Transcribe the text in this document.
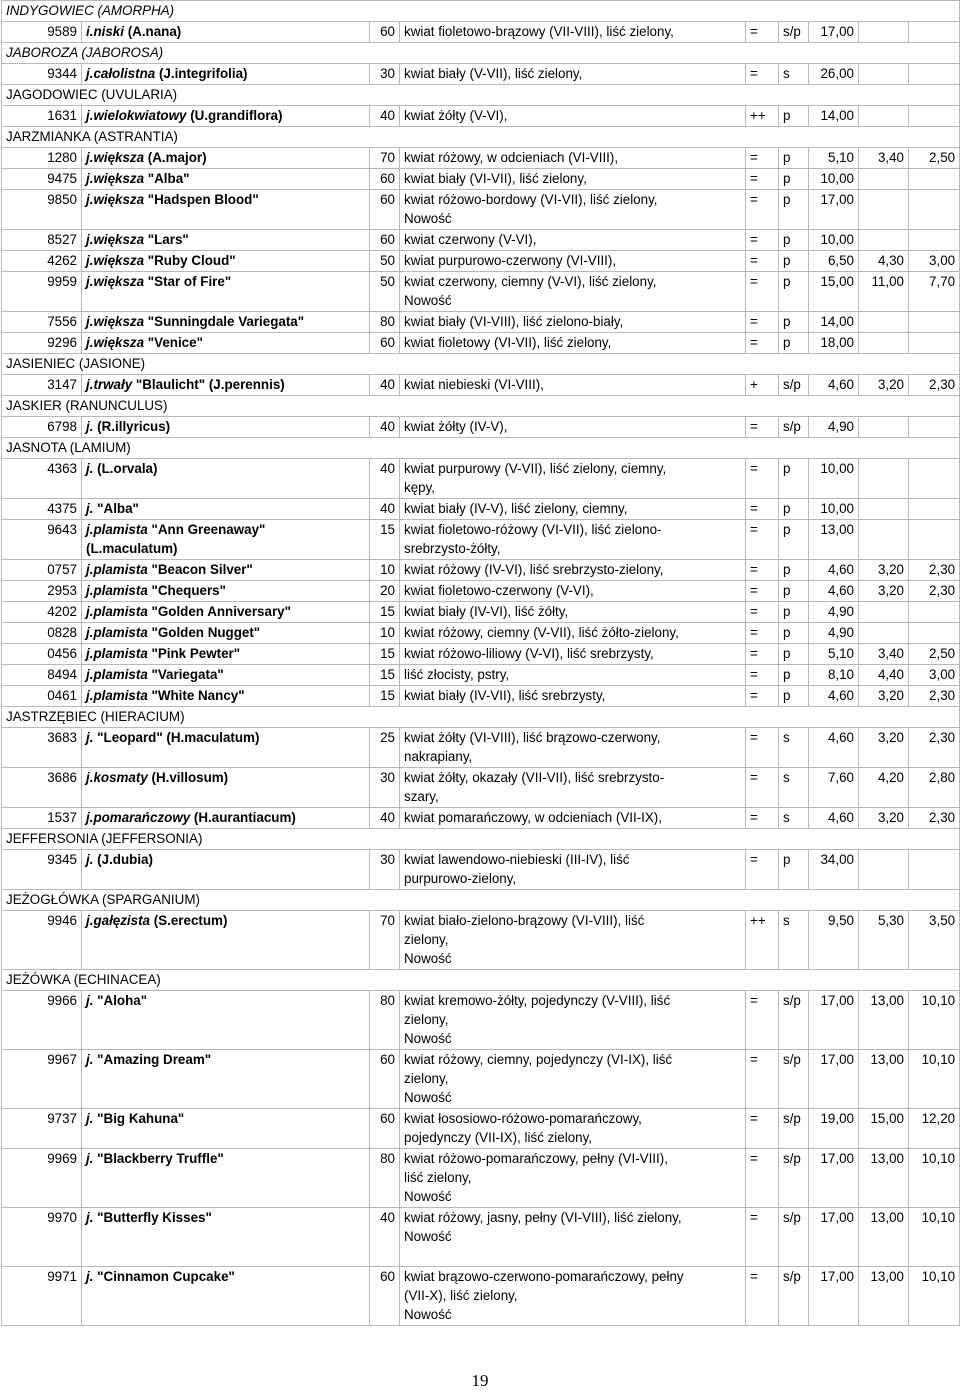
INDYGOWIEC (AMORPHA)								
9589	i.niski (A.nana)	60	kwiat fioletowo-brązowy (VII-VIII), liść zielony,	=	s/p	17,00		
JABOROZA (JABOROSA)								
9344	j.całolistna (J.integrifolia)	30	kwiat biały (V-VII), liść zielony,	=	s	26,00		
JAGODOWIEC (UVULARIA)								
1631	j.wielokwiatowy (U.grandiflora)	40	kwiat żółty (V-VI),	++	p	14,00		
JARZMIANKA (ASTRANTIA)								
1280	j.większa (A.major)	70	kwiat różowy, w odcieniach (VI-VIII),	=	p	5,10	3,40	2,50
9475	j.większa "Alba"	60	kwiat biały (VI-VII), liść zielony,	=	p	10,00		
9850	j.większa "Hadspen Blood"	60	kwiat różowo-bordowy (VI-VII), liść zielony,
Nowość	=	p	17,00		
8527	j.większa "Lars"	60	kwiat czerwony (V-VI),	=	p	10,00		
4262	j.większa "Ruby Cloud"	50	kwiat purpurowo-czerwony (VI-VIII),	=	p	6,50	4,30	3,00
9959	j.większa "Star of Fire"	50	kwiat czerwony, ciemny (V-VI), liść zielony,
Nowość	=	p	15,00	11,00	7,70
7556	j.większa "Sunningdale Variegata"	80	kwiat biały (VI-VIII), liść zielono-biały,	=	p	14,00		
9296	j.większa "Venice"	60	kwiat fioletowy (VI-VII), liść zielony,	=	p	18,00		
JASIENIEC (JASIONE)								
3147	j.trwały "Blaulicht" (J.perennis)	40	kwiat niebieski (VI-VIII),	+	s/p	4,60	3,20	2,30
JASKIER (RANUNCULUS)								
6798	j. (R.illyricus)	40	kwiat żółty (IV-V),	=	s/p	4,90		
JASNOTA (LAMIUM)								
4363	j. (L.orvala)	40	kwiat purpurowy (V-VII), liść zielony, ciemny,
kępy,	=	p	10,00		
4375	j. "Alba"	40	kwiat biały (IV-V), liść zielony, ciemny,	=	p	10,00		
9643	j.plamista "Ann Greenaway"
(L.maculatum)	15	kwiat fioletowo-różowy (VI-VII), liść zielono-
srebrzysto-żółty,	=	p	13,00		
0757	j.plamista "Beacon Silver"	10	kwiat różowy (IV-VI), liść srebrzysto-zielony,	=	p	4,60	3,20	2,30
2953	j.plamista "Chequers"	20	kwiat fioletowo-czerwony (V-VI),	=	p	4,60	3,20	2,30
4202	j.plamista "Golden Anniversary"	15	kwiat biały (IV-VI), liść żółty,	=	p	4,90		
0828	j.plamista "Golden Nugget"	10	kwiat różowy, ciemny (V-VII), liść żółto-zielony,	=	p	4,90		
0456	j.plamista "Pink Pewter"	15	kwiat różowo-liliowy (V-VI), liść srebrzysty,	=	p	5,10	3,40	2,50
8494	j.plamista "Variegata"	15	liść złocisty, pstry,	=	p	8,10	4,40	3,00
0461	j.plamista "White Nancy"	15	kwiat biały (IV-VII), liść srebrzysty,	=	p	4,60	3,20	2,30
JASTRZĘBIEC (HIERACIUM)								
3683	j. "Leopard" (H.maculatum)	25	kwiat żółty (VI-VIII), liść brązowo-czerwony,
nakrapiany,	=	s	4,60	3,20	2,30
3686	j.kosmaty (H.villosum)	30	kwiat żółty, okazały (VII-VII), liść srebrzysto-
szary,	=	s	7,60	4,20	2,80
1537	j.pomarańczowy (H.aurantiacum)	40	kwiat pomarańczowy, w odcieniach (VII-IX),	=	s	4,60	3,20	2,30
JEFFERSONIA (JEFFERSONIA)								
9345	j. (J.dubia)	30	kwiat lawendowo-niebieski (III-IV), liść
purpurowo-zielony,	=	p	34,00		
JEŻOGŁÓWKA (SPARGANIUM)								
9946	j.gałęzista (S.erectum)	70	kwiat biało-zielono-brązowy (VI-VIII), liść
zielony,
Nowość	++	s	9,50	5,30	3,50
JEŻÓWKA (ECHINACEA)								
9966	j. "Aloha"	80	kwiat kremowo-żółty, pojedynczy (V-VIII), liść
zielony,
Nowość	=	s/p	17,00	13,00	10,10
9967	j. "Amazing Dream"	60	kwiat różowy, ciemny, pojedynczy (VI-IX), liść
zielony,
Nowość	=	s/p	17,00	13,00	10,10
9737	j. "Big Kahuna"	60	kwiat łososiowo-różowo-pomarańczowy,
pojedynczy (VII-IX), liść zielony,	=	s/p	19,00	15,00	12,20
9969	j. "Blackberry Truffle"	80	kwiat różowo-pomarańczowy, pełny (VI-VIII),
liść zielony,
Nowość	=	s/p	17,00	13,00	10,10
9970	j. "Butterfly Kisses"	40	kwiat różowy, jasny, pełny (VI-VIII), liść zielony,
Nowość	=	s/p	17,00	13,00	10,10
9971	j. "Cinnamon Cupcake"	60	kwiat brązowo-czerwono-pomarańczowy, pełny
(VII-X), liść zielony,
Nowość	=	s/p	17,00	13,00	10,10
19
